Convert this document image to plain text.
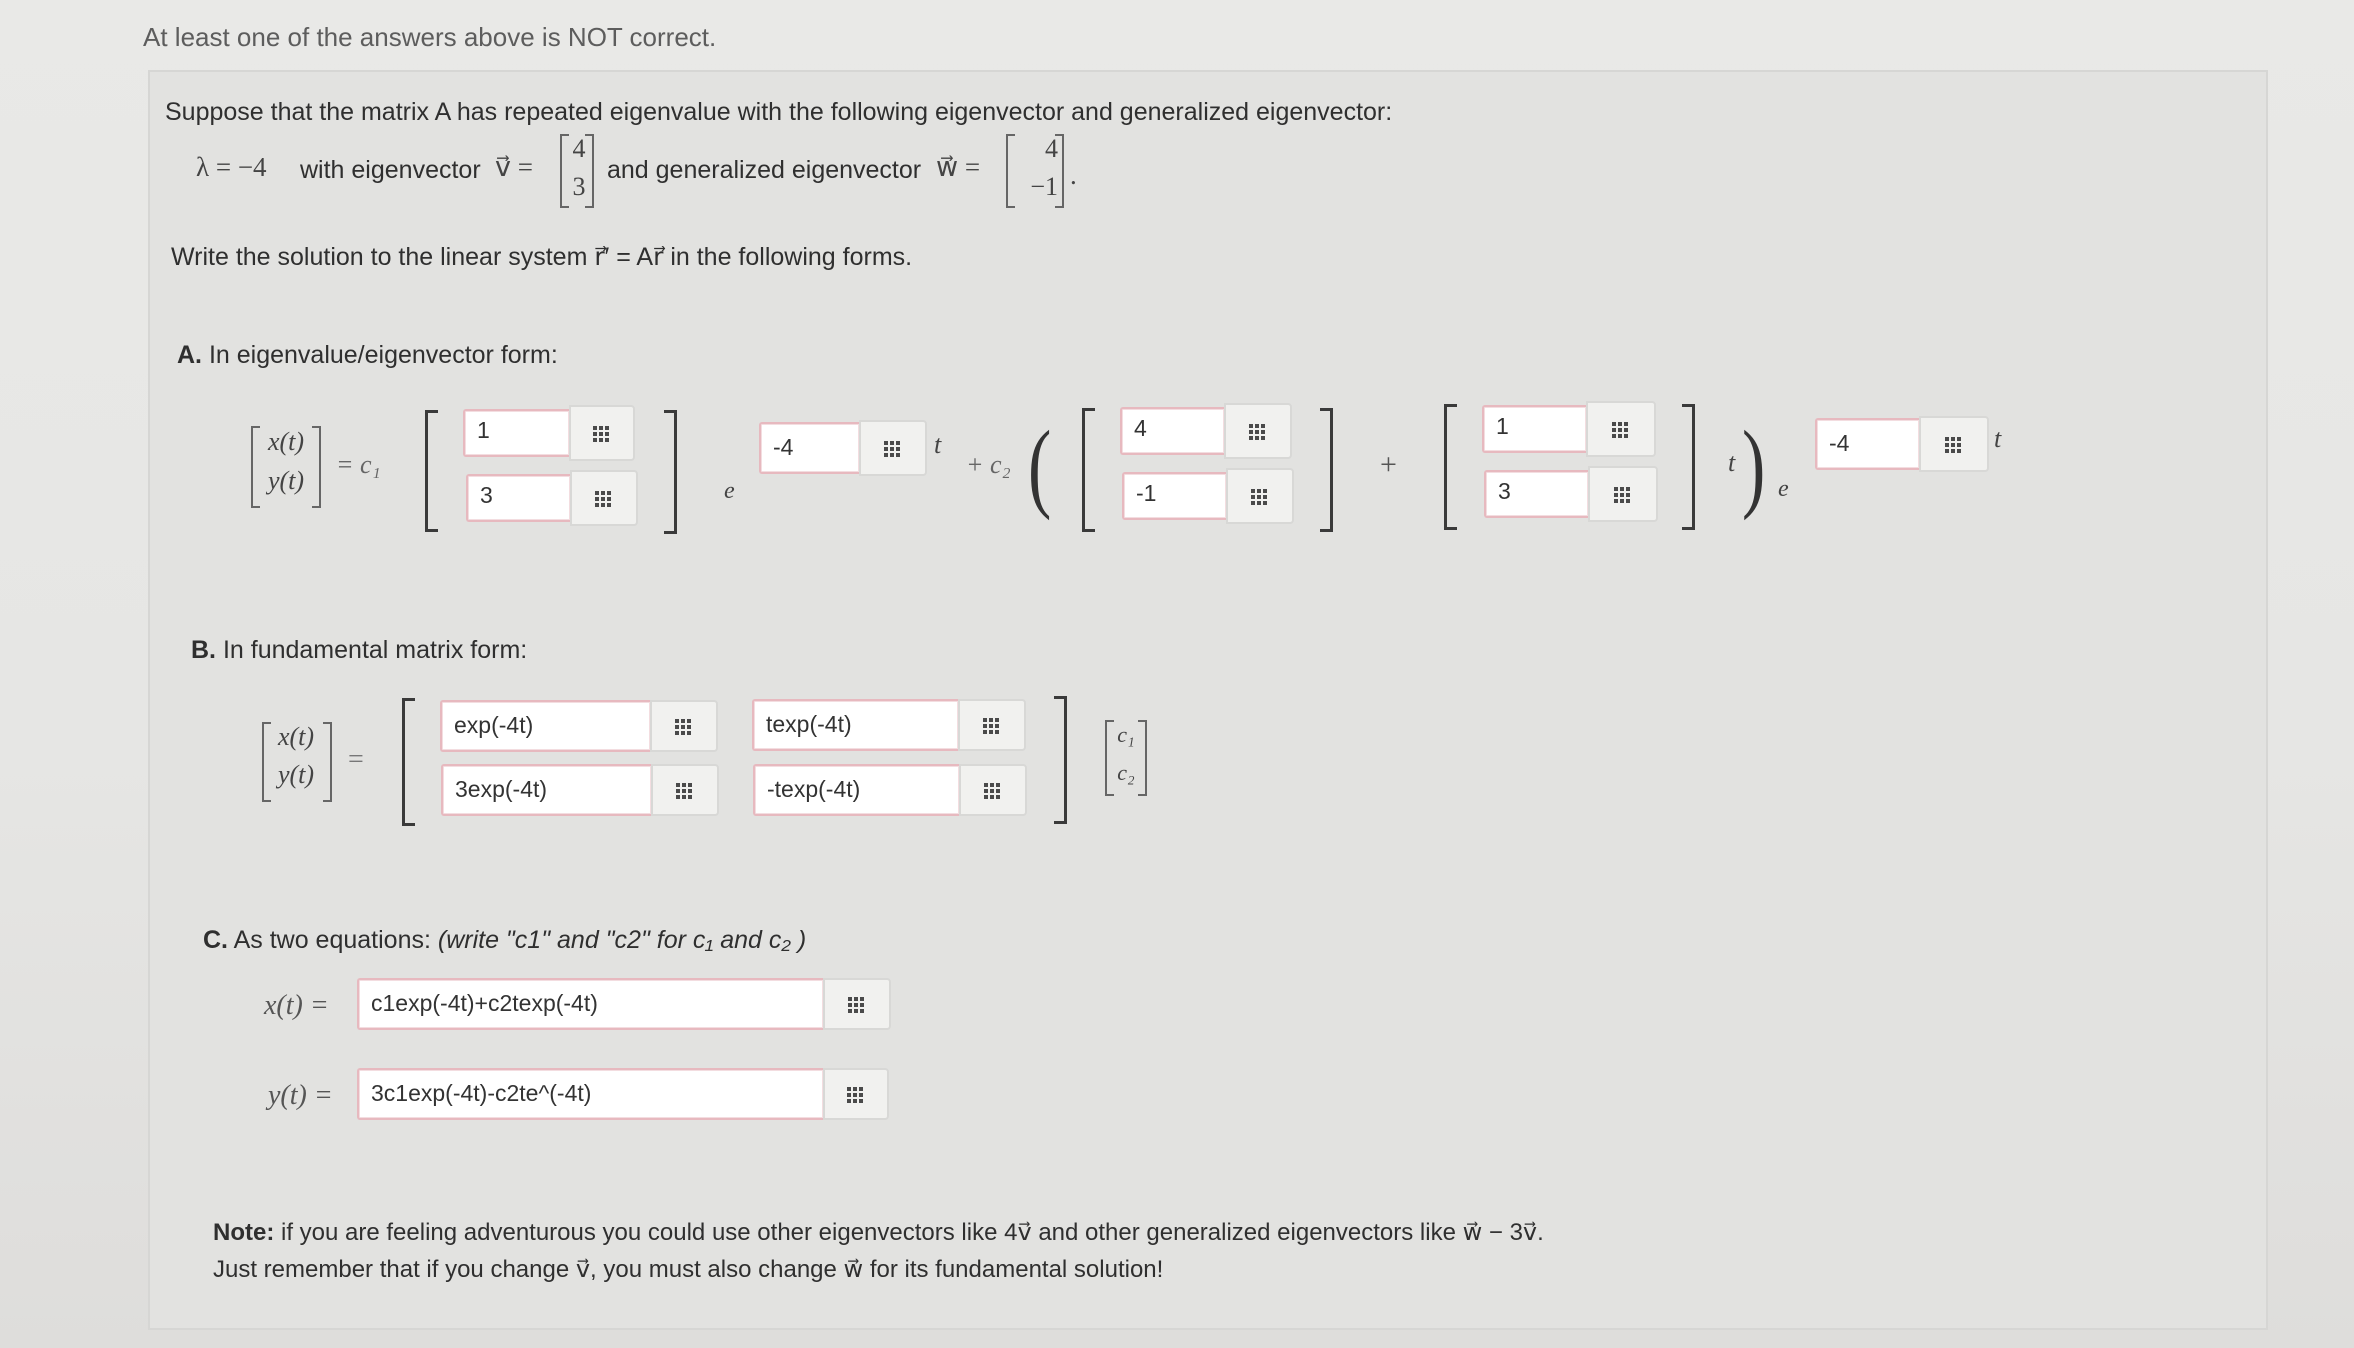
At least one of the answers above is NOT correct.
Suppose that the matrix A has repeated eigenvalue with the following eigenvector and generalized eigenvector:
λ = −4 with eigenvector v⃗ =
4
3
and generalized eigenvector w⃗ =
4
−1 .
Write the solution to the linear system r⃗′ = Ar⃗ in the following forms.
A. In eigenvalue/eigenvector form:
x(t)
y(t)
= c₁
1
3	e
-4	t
+ c₂ (	4
-1
+
1
3
t ) e
-4	t
B. In fundamental matrix form:
x(t)
y(t)	=
exp(-4t)	texp(-4t)
3exp(-4t)	-texp(-4t)
c₁
c₂
C. As two equations: (write "c1" and "c2" for c₁ and c₂ )
x(t) =	c1exp(-4t)+c2texp(-4t)
y(t) =	3c1exp(-4t)-c2te^(-4t)
Note: if you are feeling adventurous you could use other eigenvectors like 4v⃗ and other generalized eigenvectors like w⃗ − 3v⃗.
Just remember that if you change v⃗, you must also change w⃗ for its fundamental solution!
